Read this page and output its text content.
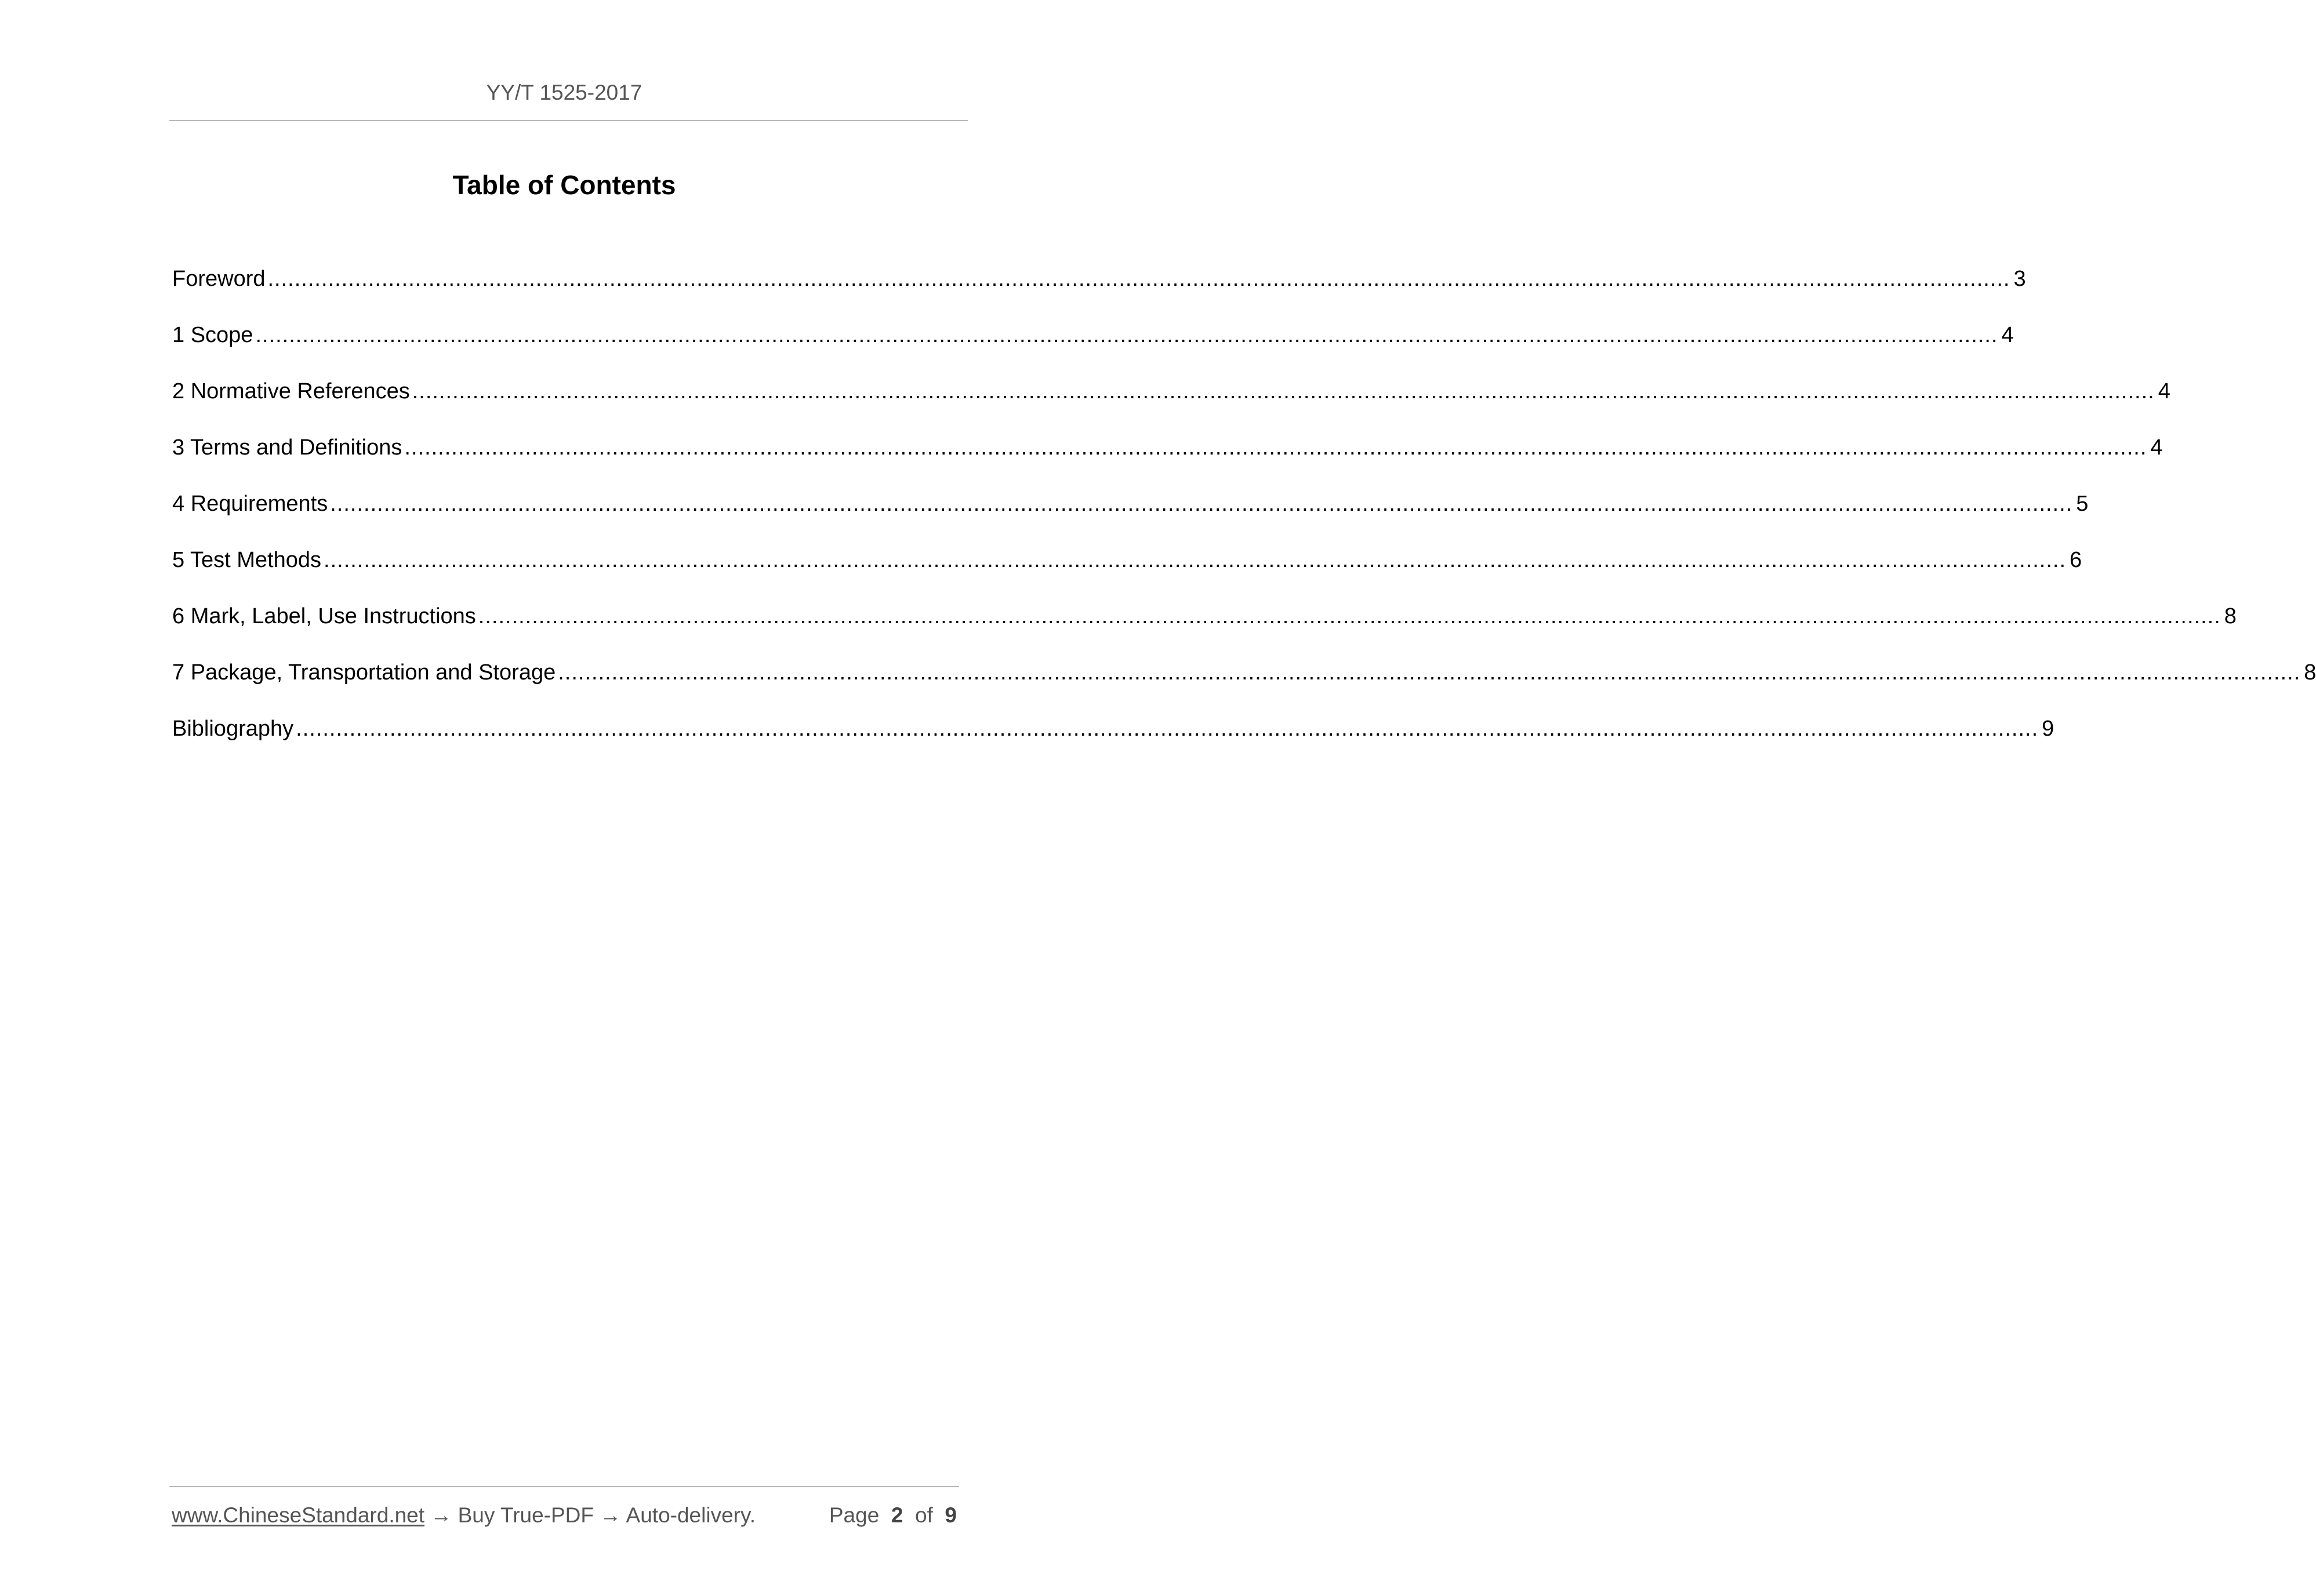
YY/T 1525-2017
Table of Contents
Foreword .................................................................................................................................................................................................................................................................... 3
1 Scope .................................................................................................................................................................................................................................................................... 4
2 Normative References .................................................................................................................................................................................................................................................................... 4
3 Terms and Definitions .................................................................................................................................................................................................................................................................... 4
4 Requirements .................................................................................................................................................................................................................................................................... 5
5 Test Methods .................................................................................................................................................................................................................................................................... 6
6 Mark, Label, Use Instructions .................................................................................................................................................................................................................................................................... 8
7 Package, Transportation and Storage .................................................................................................................................................................................................................................................................... 8
Bibliography .................................................................................................................................................................................................................................................................... 9
www.ChineseStandard.net → Buy True-PDF → Auto-delivery.	Page 2 of 9
